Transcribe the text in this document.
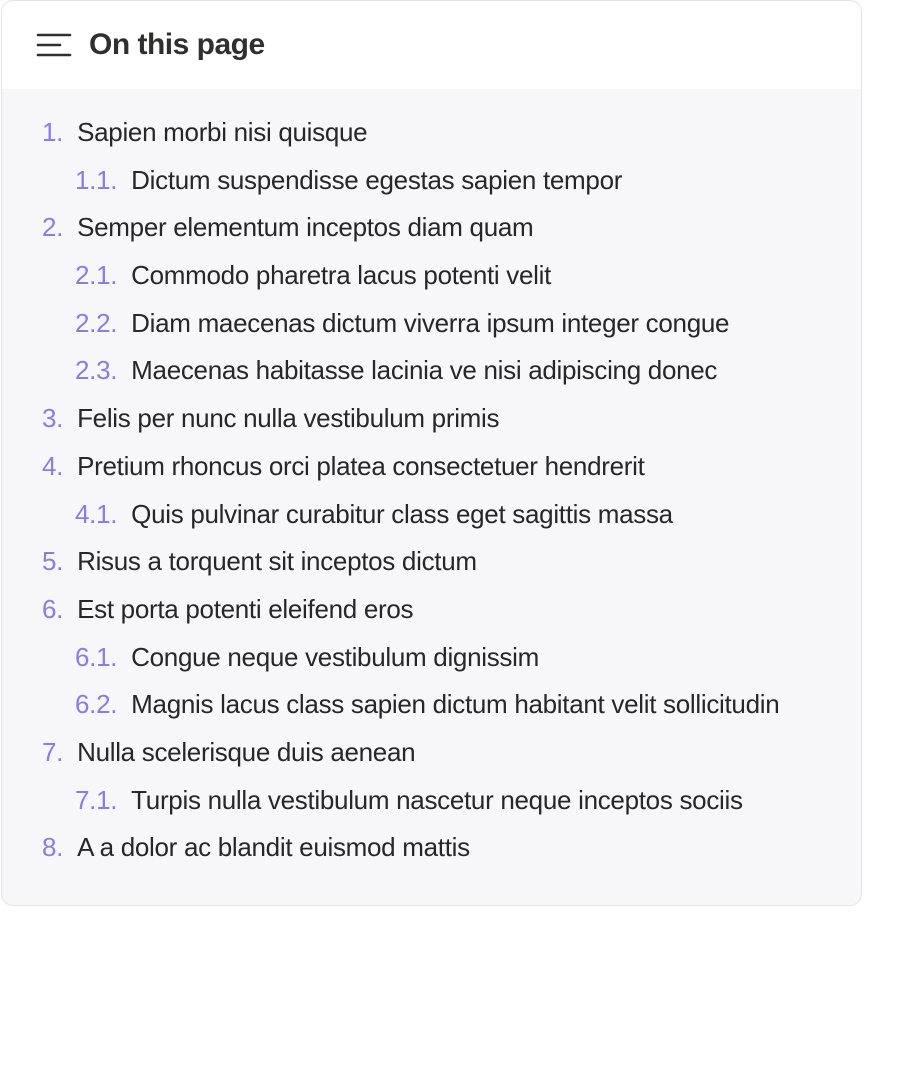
On this page
1. Sapien morbi nisi quisque
1.1. Dictum suspendisse egestas sapien tempor
2. Semper elementum inceptos diam quam
2.1. Commodo pharetra lacus potenti velit
2.2. Diam maecenas dictum viverra ipsum integer congue
2.3. Maecenas habitasse lacinia ve nisi adipiscing donec
3. Felis per nunc nulla vestibulum primis
4. Pretium rhoncus orci platea consectetuer hendrerit
4.1. Quis pulvinar curabitur class eget sagittis massa
5. Risus a torquent sit inceptos dictum
6. Est porta potenti eleifend eros
6.1. Congue neque vestibulum dignissim
6.2. Magnis lacus class sapien dictum habitant velit sollicitudin
7. Nulla scelerisque duis aenean
7.1. Turpis nulla vestibulum nascetur neque inceptos sociis
8. A a dolor ac blandit euismod mattis
